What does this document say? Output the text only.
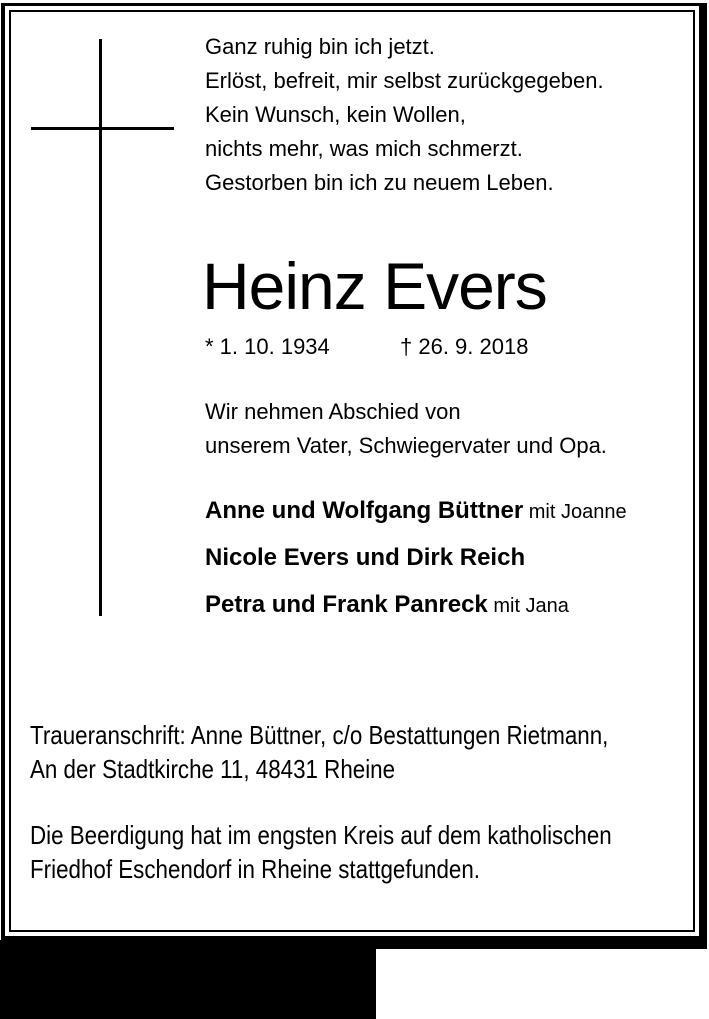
Ganz ruhig bin ich jetzt.
Erlöst, befreit, mir selbst zurückgegeben.
Kein Wunsch, kein Wollen,
nichts mehr, was mich schmerzt.
Gestorben bin ich zu neuem Leben.
Heinz Evers
* 1. 10. 1934	† 26. 9. 2018
Wir nehmen Abschied von
unserem Vater, Schwiegervater und Opa.
Anne und Wolfgang Büttner mit Joanne
Nicole Evers und Dirk Reich
Petra und Frank Panreck mit Jana
Traueranschrift: Anne Büttner, c/o Bestattungen Rietmann,
An der Stadtkirche 11, 48431 Rheine
Die Beerdigung hat im engsten Kreis auf dem katholischen
Friedhof Eschendorf in Rheine stattgefunden.
